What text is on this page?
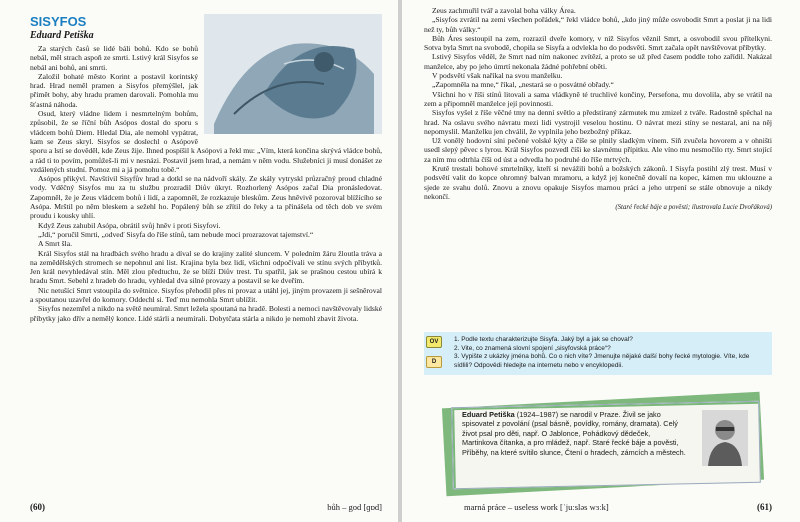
SISYFOS
Eduard Petiška

Za starých časů se lidé báli bohů. Kdo se bohů nebál, měl strach aspoň ze smrti. Lstivý král Sisyfos se nebál ani bohů, ani smrti.

Založil bohaté město Korint a postavil korintský hrad. Hrad neměl pramen a Sisyfos přemýšlel, jak přimět bohy, aby hradu pramen darovali. Pomohla mu šťastná náhoda.

Osud, který vládne lidem i nesmrtelným bohům, způsobil, že se říční bůh Asópos dostal do sporu s vládcem bohů Diem. Hledal Dia, ale nemohl vypátrat, kam se Zeus skryl. Sisyfos se doslechl o Asópově sporu a lstí se dověděl, kde Zeus žije. Ihned pospíšil k Asópovi a řekl mu: „Vím, která končina skrývá vládce bohů, a rád ti to povím, pomůžeš-li mi v nesnázi. Postavil jsem hrad, a nemám v něm vodu. Služebníci ji musí donášet ze vzdálených studní. Pomoz mi a já pomohu tobě.“

Asópos přikývl. Navštívil Sisyfův hrad a dotkl se na nádvoří skály. Ze skály vytryskl průzračný proud chladné vody. Vděčný Sisyfos mu za tu službu prozradil Diův úkryt. Rozhorlený Asópos začal Dia pronásledovat. Zapomněl, že je Zeus vládcem bohů i lidí, a zapomněl, že rozkazuje bleskům. Zeus hněvivě pozoroval blížícího se Asópa. Mrštil po něm bleskem a sežehl ho. Popálený bůh se zřítil do řeky a ta přinášela od těch dob ve svém proudu i kousky uhlí.

Když Zeus zahubil Asópa, obrátil svůj hněv i proti Sisyfovi.

„Jdi,“ poručil Smrti, „odveď Sisyfa do říše stínů, tam nebude moci prozrazovat tajemství.“

A Smrt šla.

Král Sisyfos stál na hradbách svého hradu a díval se do krajiny zalité sluncem. V poledním žáru žloutla tráva a na zemědělských stromech se nepohnul ani list. Krajina byla bez lidí, všichni odpočívali ve stínu svých příbytků. Jen král nevyhledával stín. Měl zlou předtuchu, že se blíží Diův trest. Tu spatřil, jak se prašnou cestou ubírá k hradu Smrt. Sebehl z hradeb do hradu, vyhledal dva silné provazy a postavil se ke dveřím.

Nic netušící Smrt vstoupila do světnice. Sisyfos přehodil přes ni provaz a utáhl jej, jiným provazem ji sešněroval a spoutanou uzavřel do komory. Oddechl si. Teď mu nemohla Smrt ublížit.

Sisyfos nezemřel a nikdo na světě neumíral. Smrt ležela spoutaná na hradě. Bolesti a nemoci navštěvovaly lidské příbytky jako dřív a nemělý konce. Lidé stárli a neumírali. Dobytčata stárla a nikdo je nemohl zbavit života.

(60)	bůh – god [ɡɒd]

Zeus zachmuřil tvář a zavolal boha války Área.

„Sisyfos zvrátil na zemi všechen pořádek,“ řekl vládce bohů, „kdo jiný může osvobodit Smrt a poslat ji na lidi než ty, bůh války.“

Bůh Áres sestoupil na zem, rozrazil dveře komory, v níž Sisyfos věznil Smrt, a osvobodil svou přítelkyni. Sotva byla Smrt na svobodě, chopila se Sisyfa a odvlekla ho do podsvětí. Smrt začala opět navštěvovat příbytky.

Lstivý Sisyfos věděl, že Smrt nad ním nakonec zvítězí, a proto se už před časem poddle toho zařídil. Nakázal manželce, aby po jeho úmrtí nekonala žádné pohřební oběti.

V podsvětí však naříkal na svou manželku.

„Zapomněla na mne,“ říkal, „nestará se o posvátné obřady.“

Všichni ho v říši stínů litovali a sama vládkyně té truchlivé končiny, Persefona, mu dovolila, aby se vrátil na zem a připomněl manželce její povinnosti.

Sisyfos vyšel z říše věčné tmy na denní světlo a předstíraný zármutek mu zmizel z tváře. Radostně spěchal na hrad. Na oslavu svého návratu mezi lidi vystrojil veselou hostinu. O návrat mezi stíny se nestaral, ani na něj nepomyslil. Manželku jen chválil, že vyplnila jeho bezbožný příkaz.

Už vonělý hodovní síni pečené volské kýty a číše se plnily sladkým vínem. Síň zvučela hovorem a v ohništi usedl slepý pěvec s lyrou. Král Sisyfos pozvedl číši ke slavnému přípitku. Ale víno mu nesmočilo rty. Smrt stojící za ním mu odtrhla číši od úst a odvedla ho podruhé do říše mrtvých.

Krutě trestali bohové smrtelníky, kteří si nevážili bohů a božských zákonů. I Sisyfa postihl zlý trest. Musí v podsvětí valit do kopce ohromný balvan mramoru, a když jej konečně dovalí na kopec, kámen mu uklouzne a sjede ze svahu dolů. Znovu a znovu opakuje Sisyfos marnou práci a jeho utrpení se stále obnovuje a nikdy nekončí.

(Staré řecké báje a pověsti; ilustrovala Lucie Dvořáková)
OV
D
1. Podle textu charakterizujte Sisyfa. Jaký byl a jak se choval?
2. Vite, co znamená slovní spojení „sisyfovská práce“?
3. Vypište z ukázky jména bohů. Co o nich víte? Jmenujte nějaké další bohy řecké mytologie. Víte, kde sídlili? Odpovědi hledejte na internetu nebo v encyklopedii.
Eduard Petiška (1924–1987) se narodil v Praze. Živil se jako spisovatel z povolání (psal básně, povídky, romány, dramata). Celý život psal pro děti, např. O Jablonce, Pohádkový dědeček, Martinkova čítanka, a pro mládež, např. Staré řecké báje a pověsti, Příběhy, na které svítilo slunce, Čtení o hradech, zámcích a městech.
marná práce – useless work [ˈjuːsləs wɜːk]	(61)
